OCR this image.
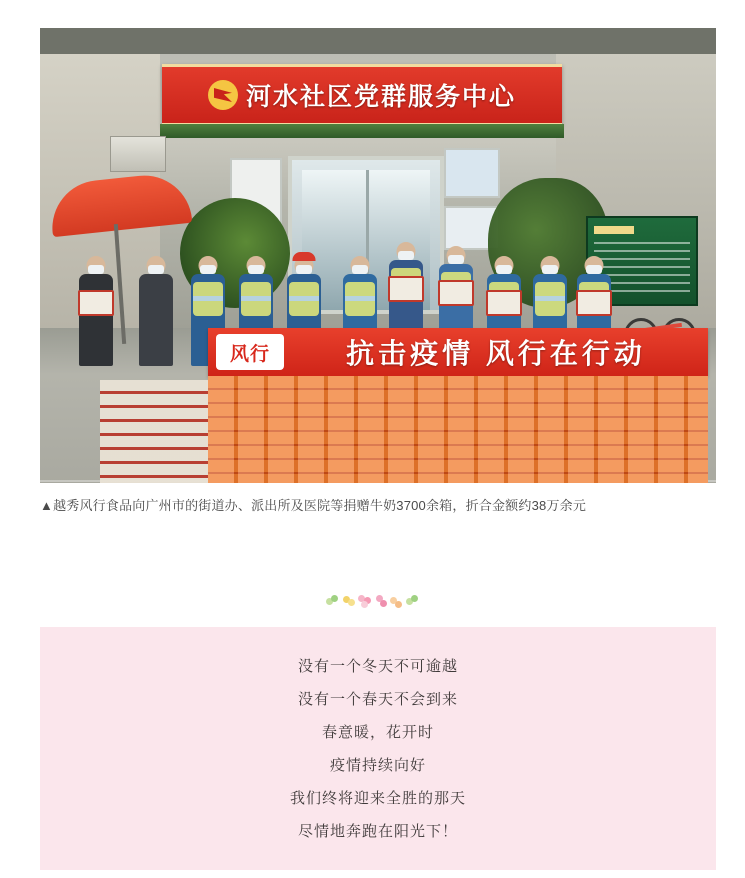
河水社区党群服务中心
风行	抗击疫情 风行在行动
▲越秀风行食品向广州市的街道办、派出所及医院等捐赠牛奶3700余箱，折合金额约38万余元
没有一个冬天不可逾越
没有一个春天不会到来
春意暖，花开时
疫情持续向好
我们终将迎来全胜的那天
尽情地奔跑在阳光下！
